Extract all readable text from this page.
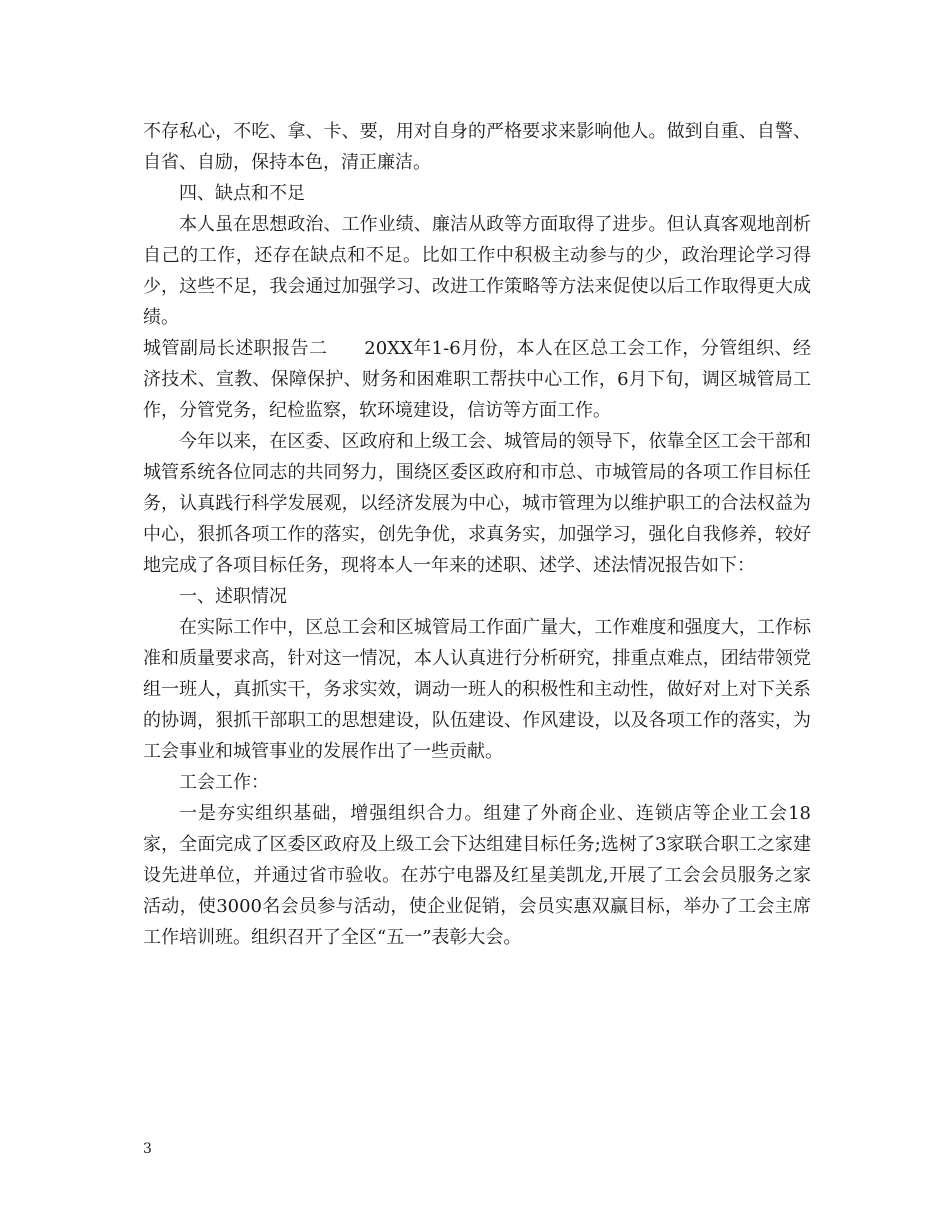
不存私心，不吃、拿、卡、要，用对自身的严格要求来影响他人。做到自重、自警、自省、自励，保持本色，清正廉洁。

四、缺点和不足

本人虽在思想政治、工作业绩、廉洁从政等方面取得了进步。但认真客观地剖析自己的工作，还存在缺点和不足。比如工作中积极主动参与的少，政治理论学习得少，这些不足，我会通过加强学习、改进工作策略等方法来促使以后工作取得更大成绩。

城管副局长述职报告二　　20XX年1-6月份，本人在区总工会工作，分管组织、经济技术、宣教、保障保护、财务和困难职工帮扶中心工作，6月下旬，调区城管局工作，分管党务，纪检监察，软环境建设，信访等方面工作。

今年以来，在区委、区政府和上级工会、城管局的领导下，依靠全区工会干部和城管系统各位同志的共同努力，围绕区委区政府和市总、市城管局的各项工作目标任务，认真践行科学发展观，以经济发展为中心，城市管理为以维护职工的合法权益为中心，狠抓各项工作的落实，创先争优，求真务实，加强学习，强化自我修养，较好地完成了各项目标任务，现将本人一年来的述职、述学、述法情况报告如下：

一、述职情况

在实际工作中，区总工会和区城管局工作面广量大，工作难度和强度大，工作标准和质量要求高，针对这一情况，本人认真进行分析研究，排重点难点，团结带领党组一班人，真抓实干，务求实效，调动一班人的积极性和主动性，做好对上对下关系的协调，狠抓干部职工的思想建设，队伍建设、作风建设，以及各项工作的落实，为工会事业和城管事业的发展作出了一些贡献。

工会工作：

一是夯实组织基础，增强组织合力。组建了外商企业、连锁店等企业工会18家，全面完成了区委区政府及上级工会下达组建目标任务;选树了3家联合职工之家建设先进单位，并通过省市验收。在苏宁电器及红星美凯龙,开展了工会会员服务之家活动，使3000名会员参与活动，使企业促销，会员实惠双赢目标，举办了工会主席工作培训班。组织召开了全区“五一”表彰大会。

3
